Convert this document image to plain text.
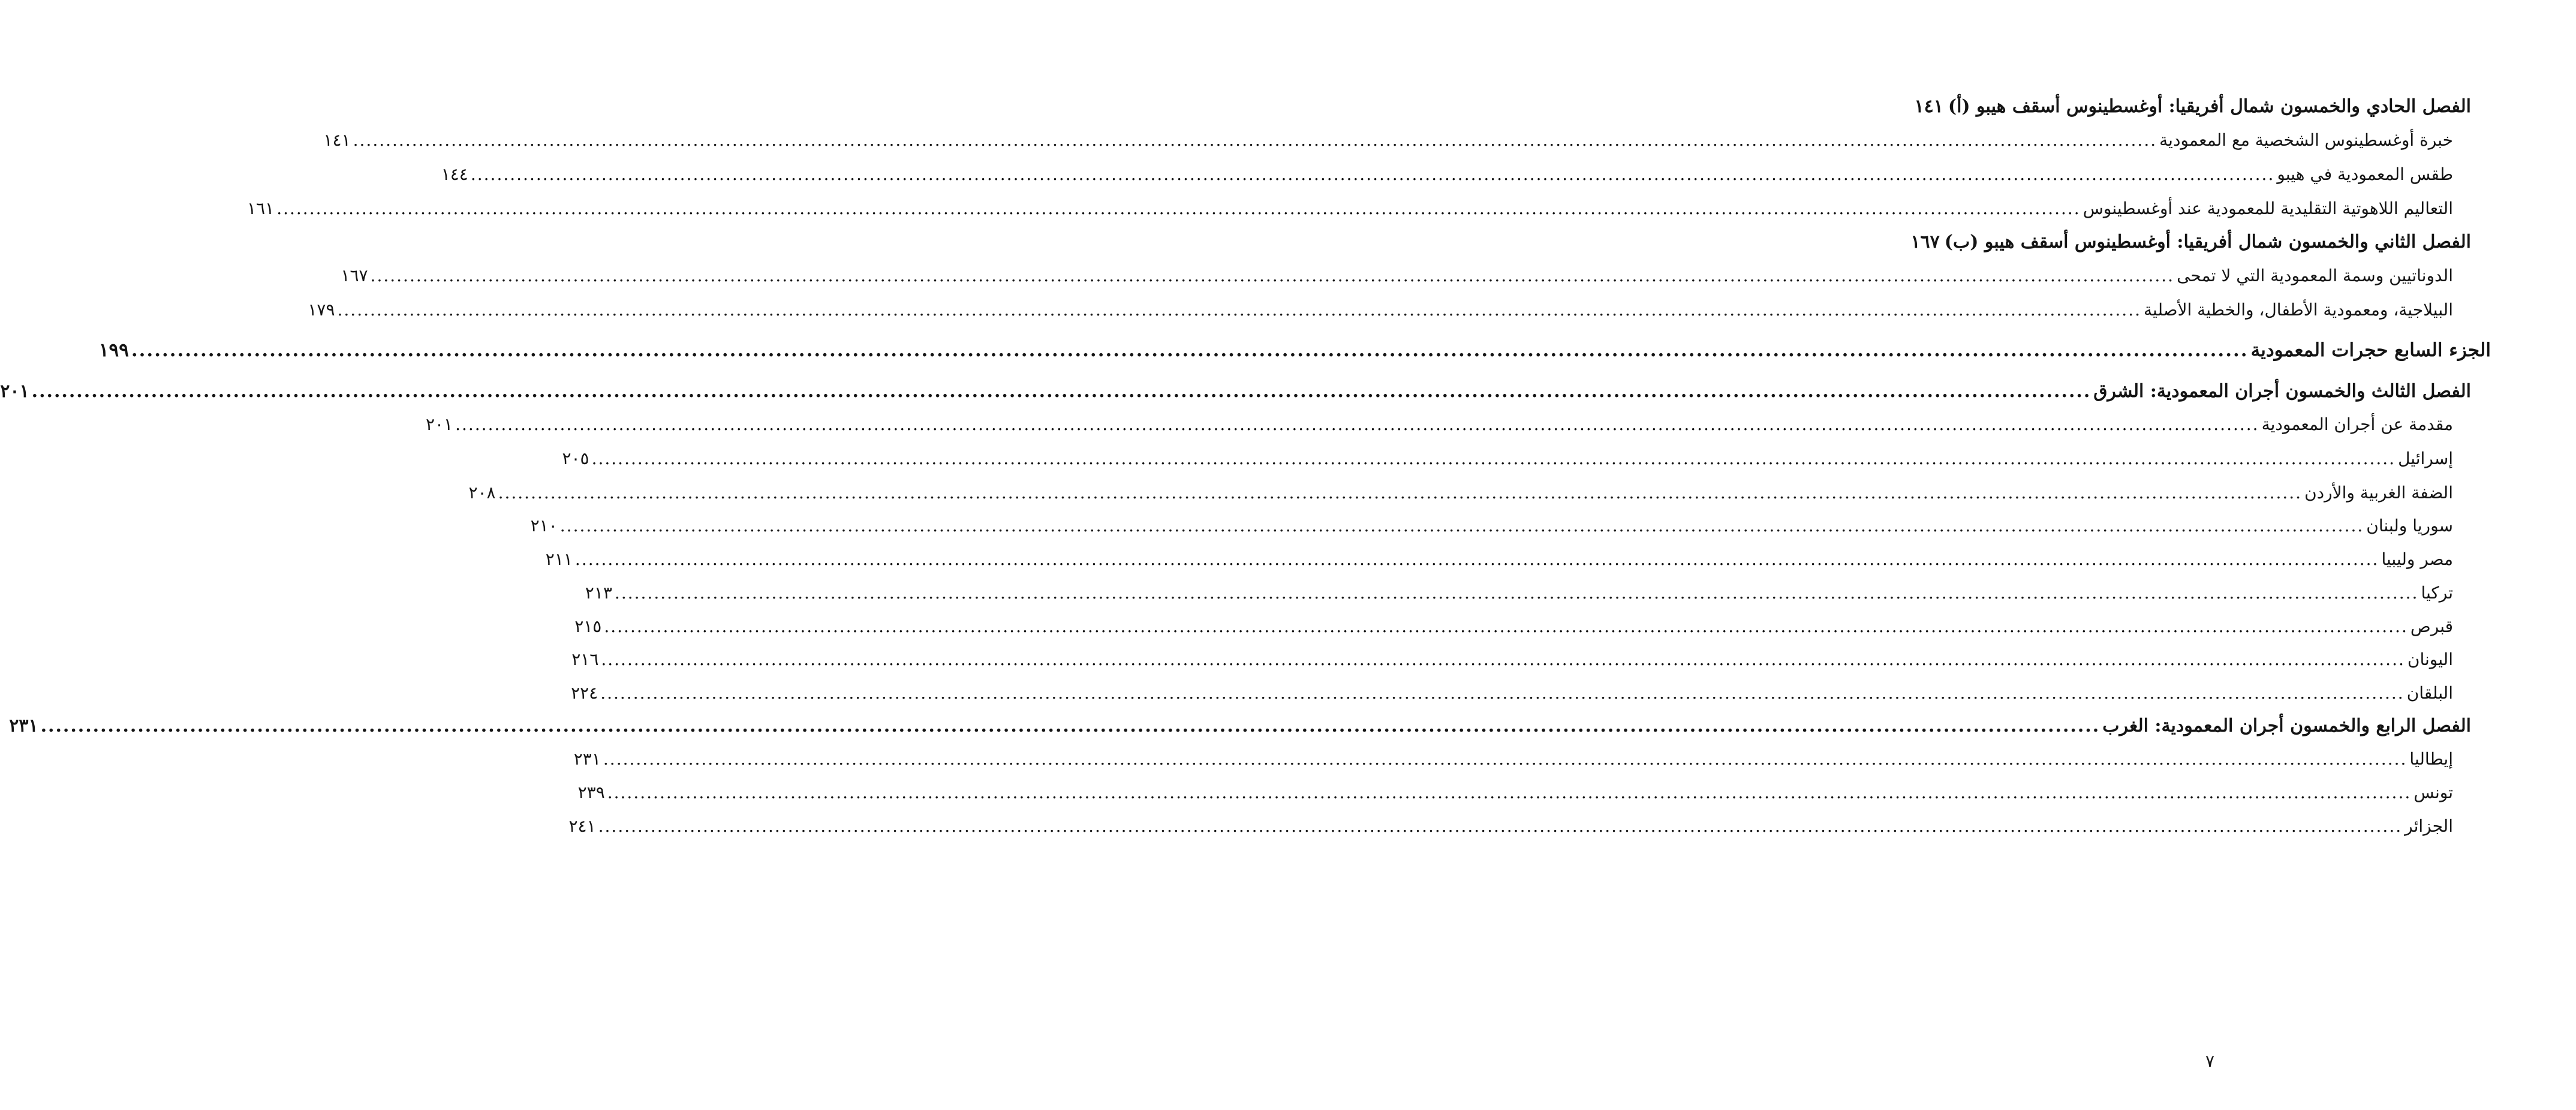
الفصل الحادي والخمسون شمال أفريقيا: أوغسطينوس أسقف هيبو (أ)
١٤١
خبرة أوغسطينوس الشخصية مع المعمودية
.....
١٤١
طقس المعمودية في هيبو
.....
١٤٤
التعاليم اللاهوتية التقليدية للمعمودية عند أوغسطينوس
.....
١٦١
الفصل الثاني والخمسون شمال أفريقيا: أوغسطينوس أسقف هيبو (ب)
١٦٧
الدوناتيين وسمة المعمودية التي لا تمحى
.....
١٦٧
البيلاجية، ومعمودية الأطفال، والخطية الأصلية
.....
١٧٩
الجزء السابع حجرات المعمودية
.....
١٩٩
الفصل الثالث والخمسون أجران المعمودية: الشرق
.....
٢٠١
مقدمة عن أجران المعمودية
.....
٢٠١
إسرائيل
.....
٢٠٥
الضفة الغربية والأردن
.....
٢٠٨
سوريا ولبنان
.....
٢١٠
مصر وليبيا
.....
٢١١
تركيا
.....
٢١٣
قبرص
.....
٢١٥
اليونان
.....
٢١٦
البلقان
.....
٢٢٤
الفصل الرابع والخمسون أجران المعمودية: الغرب
.....
٢٣١
إيطاليا
.....
٢٣١
تونس
.....
٢٣٩
الجزائر
.....
٢٤١
٧
